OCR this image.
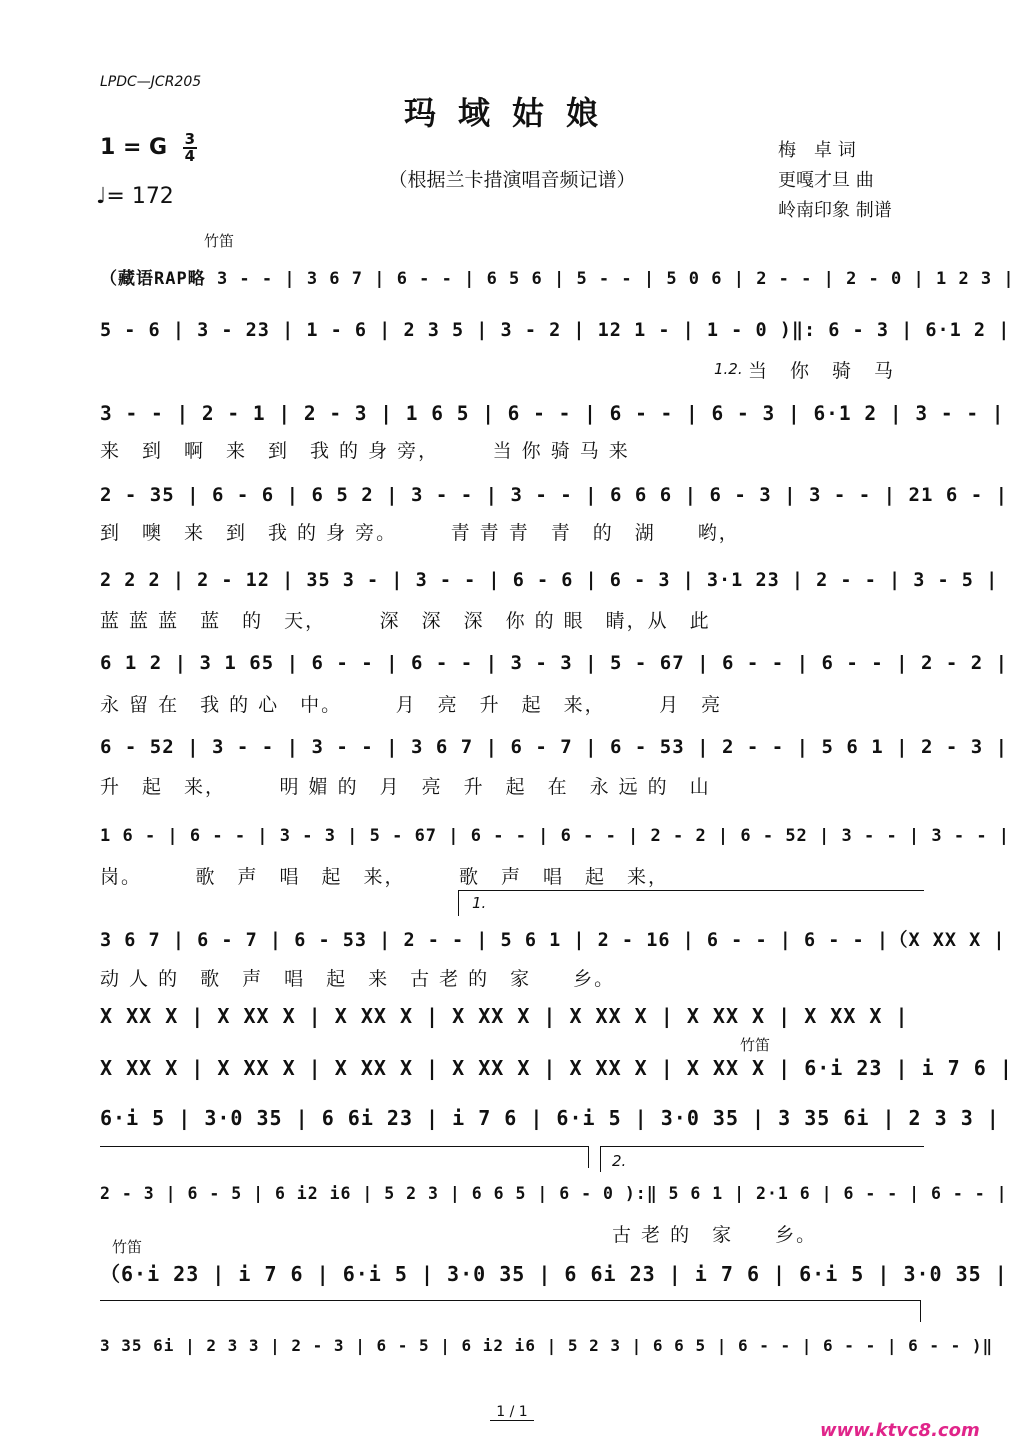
LPDC—JCR205
玛域姑娘
1 = G $\frac{3}{4}$
♩= 172
（根据兰卡措演唱音频记谱）
梅　卓 词
更嘎才旦 曲
岭南印象 制谱
竹笛
竹笛
竹笛
（藏语RAP略 3 - - | 3 6 7 | 6 - - | 6 5 6 | 5 - - | 5 0 6 | 2 - - | 2 - 0 | 1 2 3 |
5 - 6 | 3 - 23 | 1 - 6 | 2 3 5 | 3 - 2 | 12 1 - | 1 - 0 )‖: 6 - 3 | 6·1 2 |
1.2. 当　你　骑　马
3 - - | 2 - 1 | 2 - 3 | 1 6 5 | 6 - - | 6 - - | 6 - 3 | 6·1 2 | 3 - - |
来　到　啊　来　到　我 的 身 旁，　　　当 你 骑 马 来
2 - 35 | 6 - 6 | 6 5 2 | 3 - - | 3 - - | 6 6 6 | 6 - 3 | 3 - - | 21 6 - |
到　噢　来　到　我 的 身 旁。　　　青 青 青　青　的　湖　　哟，
2 2 2 | 2 - 12 | 35 3 - | 3 - - | 6 - 6 | 6 - 3 | 3·1 23 | 2 - - | 3 - 5 |
蓝 蓝 蓝　蓝　的　天，　　　深　深　深　你 的 眼　睛，从　此
6 1 2 | 3 1 65 | 6 - - | 6 - - | 3 - 3 | 5 - 67 | 6 - - | 6 - - | 2 - 2 |
永 留 在　我 的 心　中。　　　月　亮　升　起　来，　　　月　亮
6 - 52 | 3 - - | 3 - - | 3 6 7 | 6 - 7 | 6 - 53 | 2 - - | 5 6 1 | 2 - 3 |
升　起　来，　　　明 媚 的　月　亮　升　起　在　永 远 的　山
1 6 - | 6 - - | 3 - 3 | 5 - 67 | 6 - - | 6 - - | 2 - 2 | 6 - 52 | 3 - - | 3 - - |
岗。　　　歌　声　唱　起　来，　　　歌　声　唱　起　来，
1.
3 6 7 | 6 - 7 | 6 - 53 | 2 - - | 5 6 1 | 2 - 16 | 6 - - | 6 - - |（X XX X |
动 人 的　歌　声　唱　起　来　古 老 的　家　　乡。
X XX X | X XX X | X XX X | X XX X | X XX X | X XX X | X XX X |
X XX X | X XX X | X XX X | X XX X | X XX X | X XX X | 6·i 23 | i 7 6 |
6·i 5 | 3·0 35 | 6 6i 23 | i 7 6 | 6·i 5 | 3·0 35 | 3 35 6i | 2 3 3 |
2.
2 - 3 | 6 - 5 | 6 i2 i6 | 5 2 3 | 6 6 5 | 6 - 0 ):‖ 5 6 1 | 2·1 6 | 6 - - | 6 - - |
古 老 的　家　　乡。
（6·i 23 | i 7 6 | 6·i 5 | 3·0 35 | 6 6i 23 | i 7 6 | 6·i 5 | 3·0 35 |
3 35 6i | 2 3 3 | 2 - 3 | 6 - 5 | 6 i2 i6 | 5 2 3 | 6 6 5 | 6 - - | 6 - - | 6 - - )‖
1 / 1
www.ktvc8.com
